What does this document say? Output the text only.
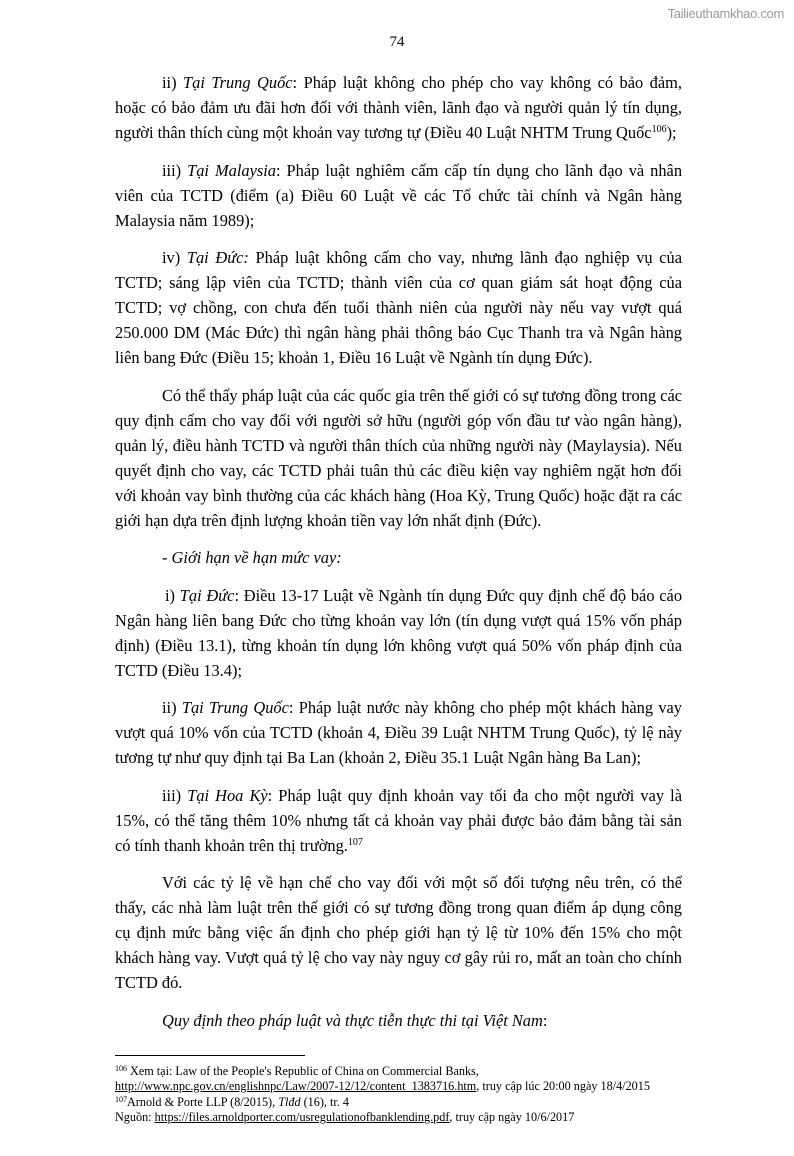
Tailieuthamkhao.com
74

ii) Tại Trung Quốc: Pháp luật không cho phép cho vay không có bảo đảm, hoặc có bảo đảm ưu đãi hơn đối với thành viên, lãnh đạo và người quản lý tín dụng, người thân thích cùng một khoản vay tương tự (Điều 40 Luật NHTM Trung Quốc$^{106}$);

iii) Tại Malaysia: Pháp luật nghiêm cấm cấp tín dụng cho lãnh đạo và nhân viên của TCTD (điểm (a) Điều 60 Luật về các Tổ chức tài chính và Ngân hàng Malaysia năm 1989);

iv) Tại Đức: Pháp luật không cấm cho vay, nhưng lãnh đạo nghiệp vụ của TCTD; sáng lập viên của TCTD; thành viên của cơ quan giám sát hoạt động của TCTD; vợ chồng, con chưa đến tuổi thành niên của người này nếu vay vượt quá 250.000 DM (Mác Đức) thì ngân hàng phải thông báo Cục Thanh tra và Ngân hàng liên bang Đức (Điều 15; khoản 1, Điều 16 Luật về Ngành tín dụng Đức).

Có thể thấy pháp luật của các quốc gia trên thế giới có sự tương đồng trong các quy định cấm cho vay đối với người sở hữu (người góp vốn đầu tư vào ngân hàng), quản lý, điều hành TCTD và người thân thích của những người này (Maylaysia). Nếu quyết định cho vay, các TCTD phải tuân thủ các điều kiện vay nghiêm ngặt hơn đối với khoản vay bình thường của các khách hàng (Hoa Kỳ, Trung Quốc) hoặc đặt ra các giới hạn dựa trên định lượng khoản tiền vay lớn nhất định (Đức).

- Giới hạn về hạn mức vay:

i) Tại Đức: Điều 13-17 Luật về Ngành tín dụng Đức quy định chế độ báo cáo Ngân hàng liên bang Đức cho từng khoản vay lớn (tín dụng vượt quá 15% vốn pháp định) (Điều 13.1), từng khoản tín dụng lớn không vượt quá 50% vốn pháp định của TCTD (Điều 13.4);

ii) Tại Trung Quốc: Pháp luật nước này không cho phép một khách hàng vay vượt quá 10% vốn của TCTD (khoản 4, Điều 39 Luật NHTM Trung Quốc), tỷ lệ này tương tự như quy định tại Ba Lan (khoản 2, Điều 35.1 Luật Ngân hàng Ba Lan);

iii) Tại Hoa Kỳ: Pháp luật quy định khoản vay tối đa cho một người vay là 15%, có thể tăng thêm 10% nhưng tất cả khoản vay phải được bảo đảm bằng tài sản có tính thanh khoản trên thị trường.$^{107}$

Với các tỷ lệ về hạn chế cho vay đối với một số đối tượng nêu trên, có thể thấy, các nhà làm luật trên thế giới có sự tương đồng trong quan điểm áp dụng công cụ định mức bằng việc ấn định cho phép giới hạn tỷ lệ từ 10% đến 15% cho một khách hàng vay. Vượt quá tỷ lệ cho vay này nguy cơ gây rủi ro, mất an toàn cho chính TCTD đó.

Quy định theo pháp luật và thực tiễn thực thi tại Việt Nam:

$^{106}$ Xem tại: Law of the People's Republic of China on Commercial Banks,
http://www.npc.gov.cn/englishnpc/Law/2007-12/12/content_1383716.htm, truy cập lúc 20:00 ngày 18/4/2015
$^{107}$Arnold & Porte LLP (8/2015), Tlđd (16), tr. 4
Nguồn: https://files.arnoldporter.com/usregulationofbanklending.pdf, truy cập ngày 10/6/2017
